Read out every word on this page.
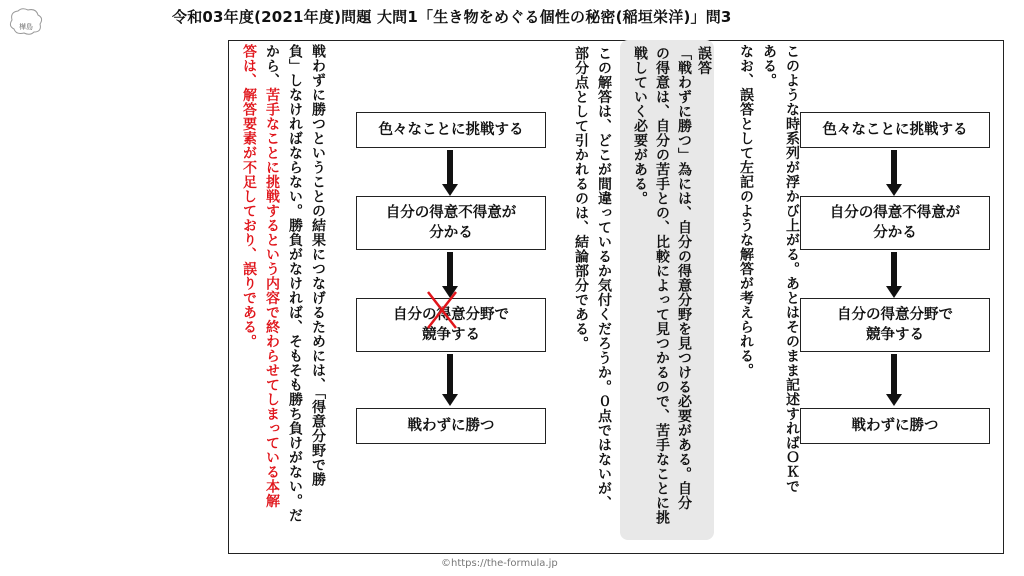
樺島
令和03年度(2021年度)問題 大問1「生き物をめぐる個性の秘密(稲垣栄洋)」問3
このような時系列が浮かび上がる。あとはそのまま記述すればＯＫで
ある。
なお、誤答として左記のような解答が考えられる。	色々なことに挑戦する
自分の得意不得意が
分かる
自分の得意分野で
競争する
戦わずに勝つ
誤答
「戦わずに勝つ」為には、自分の得意分野を見つける必要がある。自分
の得意は、自分の苦手との、比較によって見つかるので、苦手なことに挑
戦していく必要がある。
この解答は、どこが間違っているか気付くだろうか。０点ではないが、
部分点として引かれるのは、結論部分である。
色々なことに挑戦する
自分の得意不得意が
分かる
自分の得意分野で
競争する
戦わずに勝つ
戦わずに勝つということの結果につなげるためには、「得意分野で勝
負」しなければならない。勝負がなければ、そもそも勝ち負けがない。だ
から、苦手なことに挑戦するという内容で終わらせてしまっている本解
答は、解答要素が不足しており、誤りである。
©https://the-formula.jp
